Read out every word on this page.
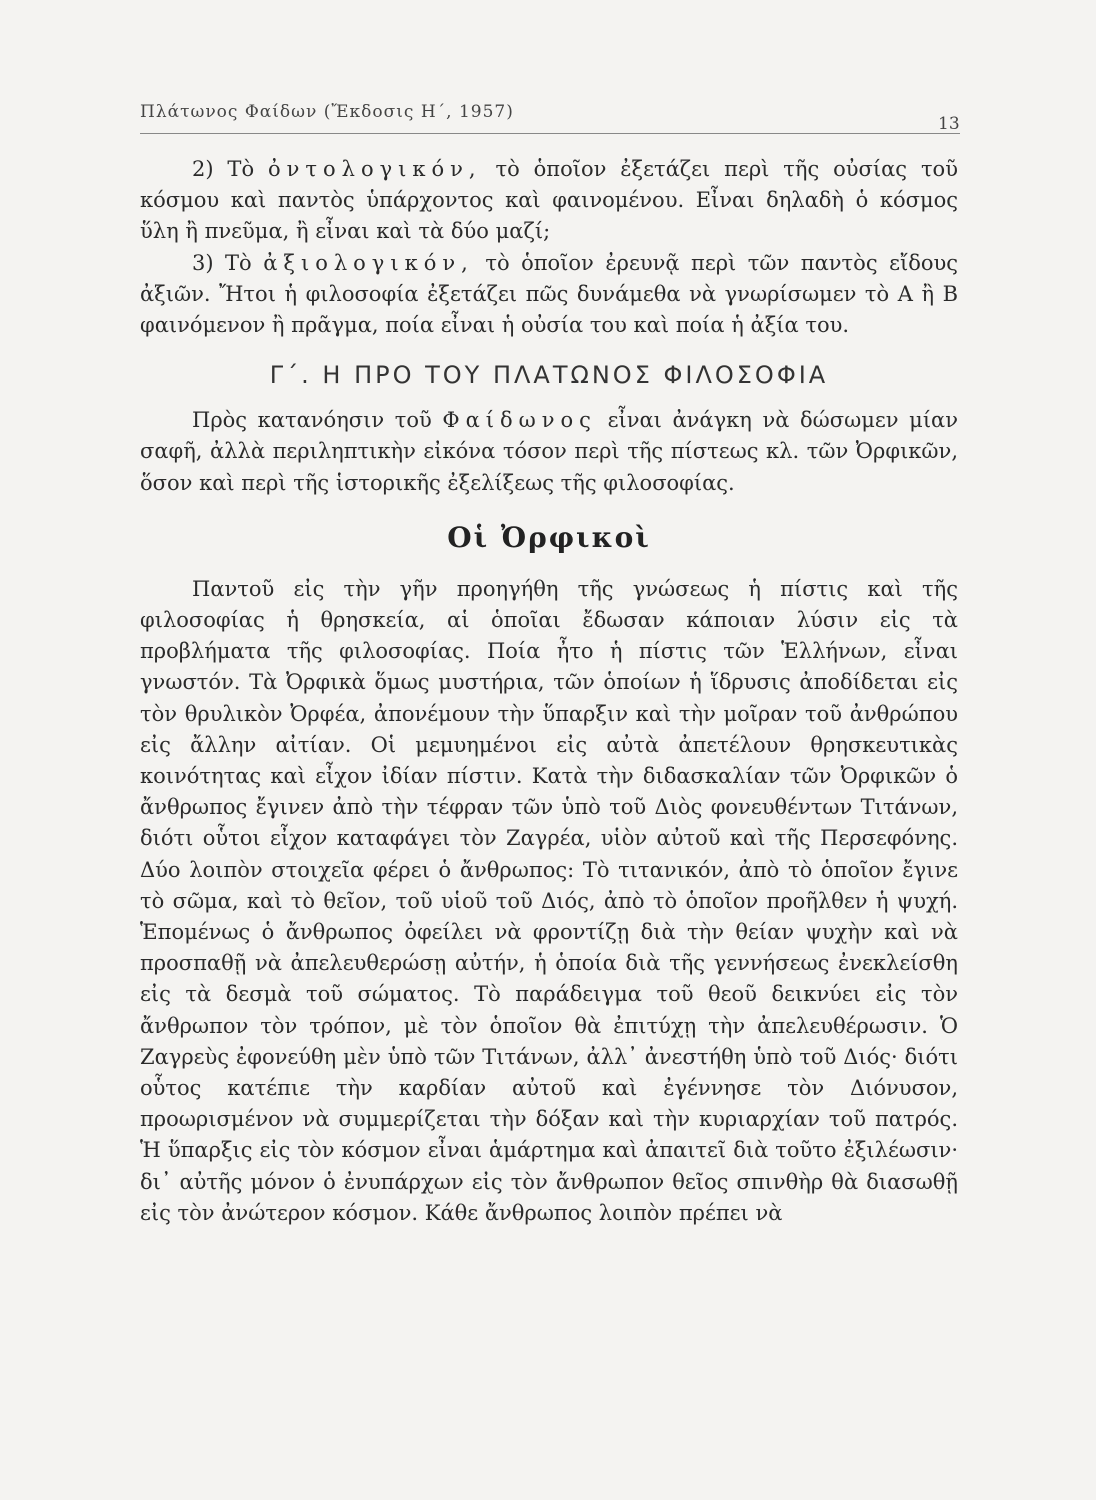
Πλάτωνος Φαίδων (Ἔκδοσις Η΄, 1957)
13

2) Τὸ ὀντολογικόν, τὸ ὁποῖον ἐξετάζει περὶ τῆς οὐσίας τοῦ κόσμου καὶ παντὸς ὑπάρχοντος καὶ φαινομένου. Εἶναι δηλαδὴ ὁ κόσμος ὕλη ἢ πνεῦμα, ἢ εἶναι καὶ τὰ δύο μαζί;

3) Τὸ ἀξιολογικόν, τὸ ὁποῖον ἐρευνᾷ περὶ τῶν παντὸς εἴδους ἀξιῶν. Ἤτοι ἡ φιλοσοφία ἐξετάζει πῶς δυνάμεθα νὰ γνωρίσωμεν τὸ Α ἢ Β φαινόμενον ἢ πρᾶγμα, ποία εἶναι ἡ οὐσία του καὶ ποία ἡ ἀξία του.

Γ΄. Η ΠΡΟ ΤΟΥ ΠΛΑΤΩΝΟΣ ΦΙΛΟΣΟΦΙΑ

Πρὸς κατανόησιν τοῦ Φαίδωνος εἶναι ἀνάγκη νὰ δώσωμεν μίαν σαφῆ, ἀλλὰ περιληπτικὴν εἰκόνα τόσον περὶ τῆς πίστεως κλ. τῶν Ὀρφικῶν, ὅσον καὶ περὶ τῆς ἱστορικῆς ἐξελίξεως τῆς φιλοσοφίας.

Οἱ Ὀρφικοὶ

Παντοῦ εἰς τὴν γῆν προηγήθη τῆς γνώσεως ἡ πίστις καὶ τῆς φιλοσοφίας ἡ θρησκεία, αἱ ὁποῖαι ἔδωσαν κάποιαν λύσιν εἰς τὰ προβλήματα τῆς φιλοσοφίας. Ποία ἦτο ἡ πίστις τῶν Ἑλλήνων, εἶναι γνωστόν. Τὰ Ὀρφικὰ ὅμως μυστήρια, τῶν ὁποίων ἡ ἵδρυσις ἀποδίδεται εἰς τὸν θρυλικὸν Ὀρφέα, ἀπονέμουν τὴν ὕπαρξιν καὶ τὴν μοῖραν τοῦ ἀνθρώπου εἰς ἄλλην αἰτίαν. Οἱ μεμυημένοι εἰς αὐτὰ ἀπετέλουν θρησκευτικὰς κοινότητας καὶ εἶχον ἰδίαν πίστιν. Κατὰ τὴν διδασκαλίαν τῶν Ὀρφικῶν ὁ ἄνθρωπος ἔγινεν ἀπὸ τὴν τέφραν τῶν ὑπὸ τοῦ Διὸς φονευθέντων Τιτάνων, διότι οὗτοι εἶχον καταφάγει τὸν Ζαγρέα, υἱὸν αὐτοῦ καὶ τῆς Περσεφόνης. Δύο λοιπὸν στοιχεῖα φέρει ὁ ἄνθρωπος: Τὸ τιτανικόν, ἀπὸ τὸ ὁποῖον ἔγινε τὸ σῶμα, καὶ τὸ θεῖον, τοῦ υἱοῦ τοῦ Διός, ἀπὸ τὸ ὁποῖον προῆλθεν ἡ ψυχή. Ἑπομένως ὁ ἄνθρωπος ὀφείλει νὰ φροντίζῃ διὰ τὴν θείαν ψυχὴν καὶ νὰ προσπαθῇ νὰ ἀπελευθερώσῃ αὐτήν, ἡ ὁποία διὰ τῆς γεννήσεως ἐνεκλείσθη εἰς τὰ δεσμὰ τοῦ σώματος. Τὸ παράδειγμα τοῦ θεοῦ δεικνύει εἰς τὸν ἄνθρωπον τὸν τρόπον, μὲ τὸν ὁποῖον θὰ ἐπιτύχῃ τὴν ἀπελευθέρωσιν. Ὁ Ζαγρεὺς ἐφονεύθη μὲν ὑπὸ τῶν Τιτάνων, ἀλλ᾽ ἀνεστήθη ὑπὸ τοῦ Διός· διότι οὗτος κατέπιε τὴν καρδίαν αὐτοῦ καὶ ἐγέννησε τὸν Διόνυσον, προωρισμένον νὰ συμμερίζεται τὴν δόξαν καὶ τὴν κυριαρχίαν τοῦ πατρός. Ἡ ὕπαρξις εἰς τὸν κόσμον εἶναι ἁμάρτημα καὶ ἀπαιτεῖ διὰ τοῦτο ἐξιλέωσιν· δι᾽ αὐτῆς μόνον ὁ ἐνυπάρχων εἰς τὸν ἄνθρωπον θεῖος σπινθὴρ θὰ διασωθῇ εἰς τὸν ἀνώτερον κόσμον. Κάθε ἄνθρωπος λοιπὸν πρέπει νὰ
